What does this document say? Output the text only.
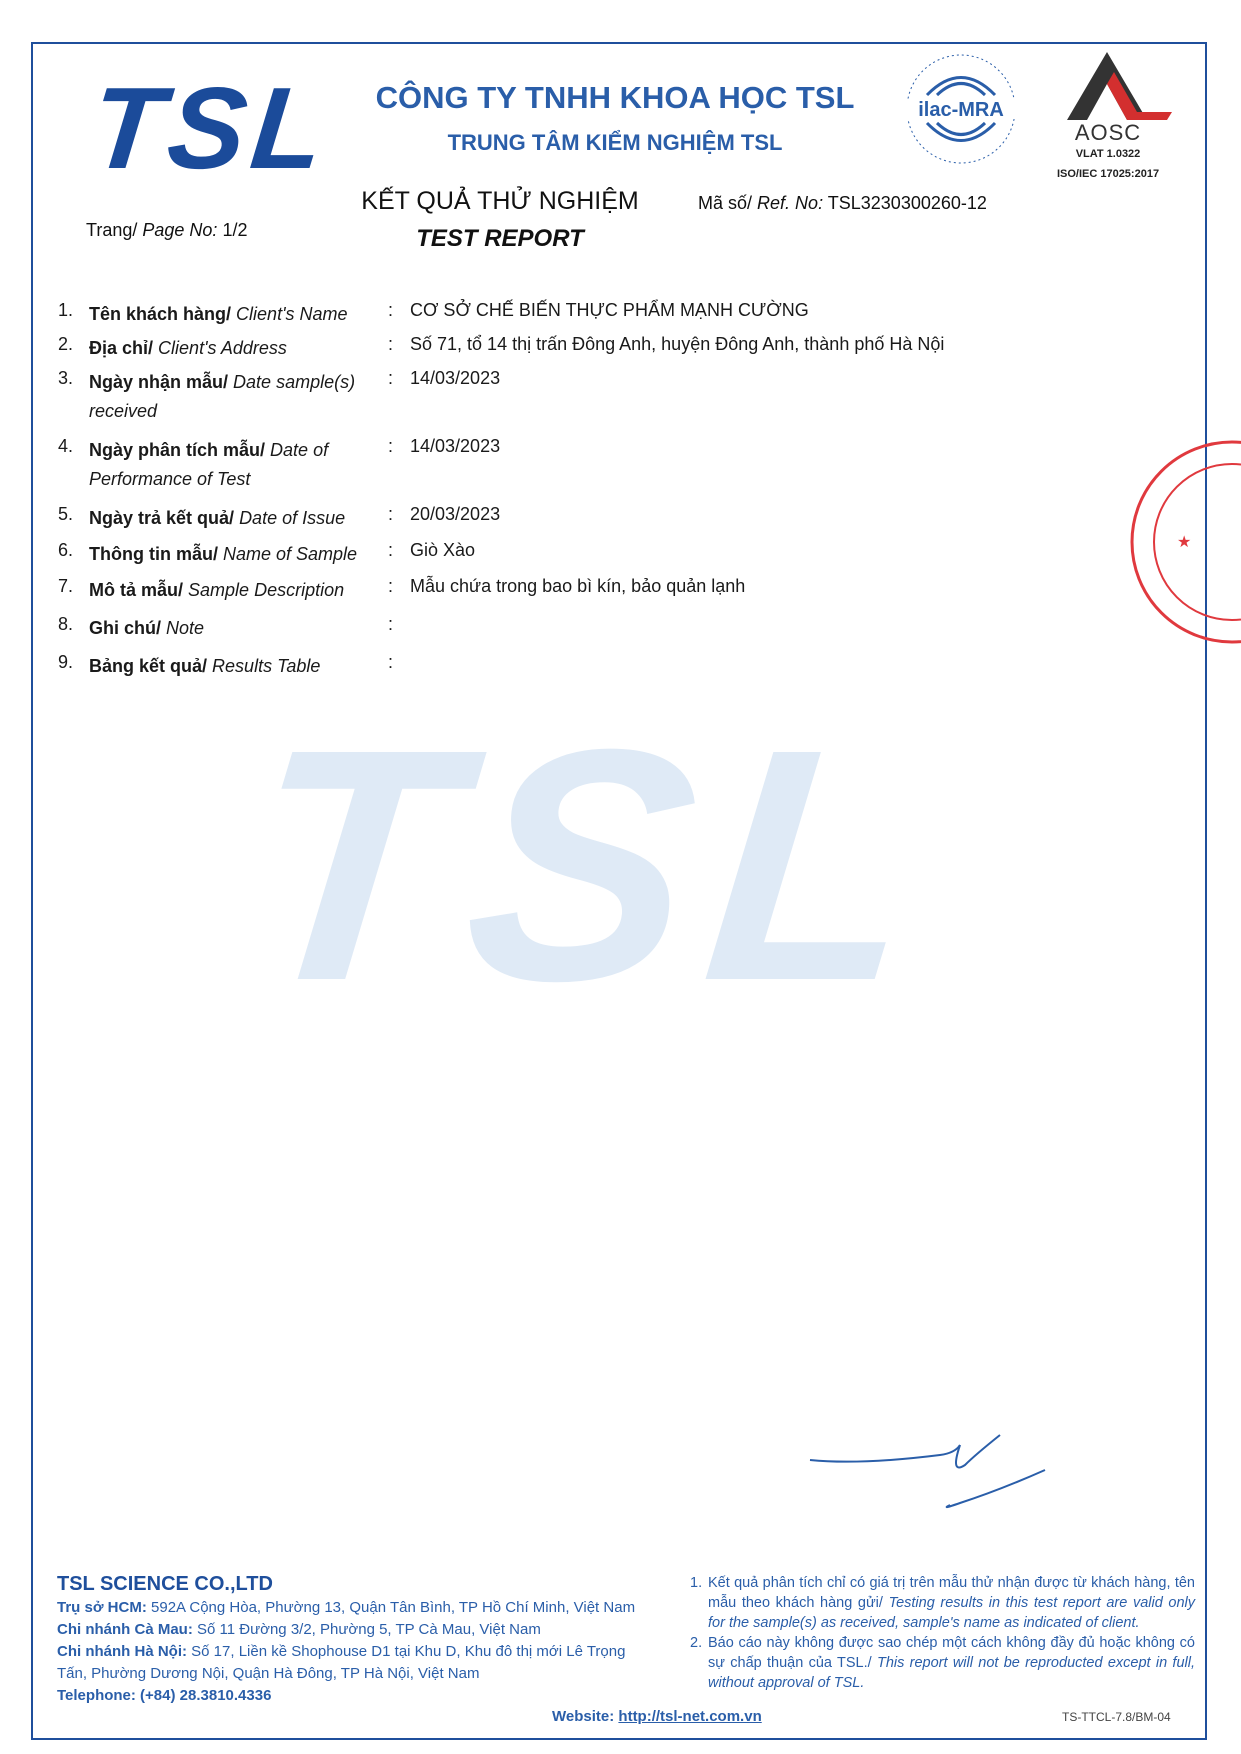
TSL	CÔNG TY TNHH KHOA HỌC TSL
TRUNG TÂM KIỂM NGHIỆM TSL
ilac-MRA
AOSC
VLAT 1.0322
ISO/IEC 17025:2017
KẾT QUẢ THỬ NGHIỆM
TEST REPORT
Trang/ Page No: 1/2
Mã số/ Ref. No: TSL3230300260-12
TSL
1. Tên khách hàng/ Client's Name	: CƠ SỞ CHẾ BIẾN THỰC PHẨM MẠNH CƯỜNG
2. Địa chỉ/ Client's Address	: Số 71, tổ 14 thị trấn Đông Anh, huyện Đông Anh, thành phố Hà Nội
3. Ngày nhận mẫu/ Date sample(s) received
: 14/03/2023
4. Ngày phân tích mẫu/ Date of Performance of Test
: 14/03/2023
5. Ngày trả kết quả/ Date of Issue	: 20/03/2023
6. Thông tin mẫu/ Name of Sample	: Giò Xào
7. Mô tả mẫu/ Sample Description	: Mẫu chứa trong bao bì kín, bảo quản lạnh
8. Ghi chú/ Note	:
9. Bảng kết quả/ Results Table	:
★
TSL SCIENCE CO.,LTD
Trụ sở HCM: 592A Cộng Hòa, Phường 13, Quận Tân Bình, TP Hồ Chí Minh, Việt Nam
Chi nhánh Cà Mau: Số 11 Đường 3/2, Phường 5, TP Cà Mau, Việt Nam
Chi nhánh Hà Nội: Số 17, Liền kề Shophouse D1 tại Khu D, Khu đô thị mới Lê Trọng Tấn, Phường Dương Nội, Quận Hà Đông, TP Hà Nội, Việt Nam
Telephone: (+84) 28.3810.4336
Website: http://tsl-net.com.vn
1. Kết quả phân tích chỉ có giá trị trên mẫu thử nhận được từ khách hàng, tên mẫu theo khách hàng gửi/ Testing results in this test report are valid only for the sample(s) as received, sample's name as indicated of client.
2. Báo cáo này không được sao chép một cách không đầy đủ hoặc không có sự chấp thuận của TSL./ This report will not be reproducted except in full, without approval of TSL.
TS-TTCL-7.8/BM-04
